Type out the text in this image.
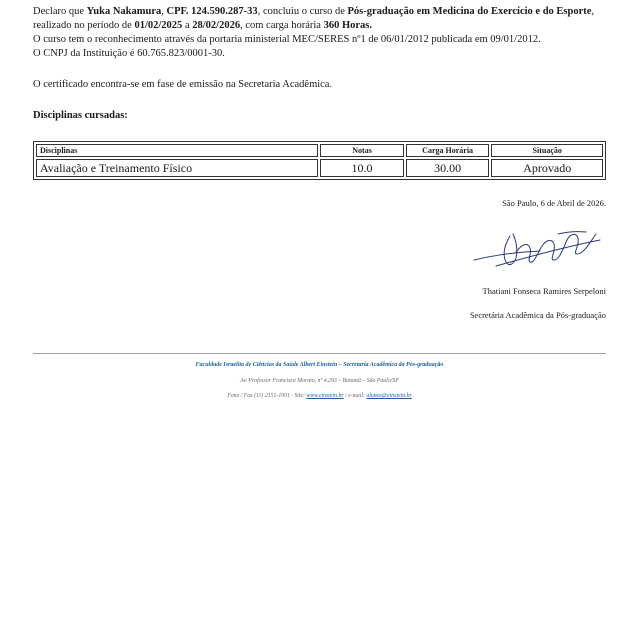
Declaro que Yuka Nakamura, CPF. 124.590.287-33, concluiu o curso de Pós-graduação em Medicina do Exercício e do Esporte,
realizado no período de 01/02/2025 a 28/02/2026, com carga horária 360 Horas.
O curso tem o reconhecimento através da portaria ministerial MEC/SERES nº1 de 06/01/2012 publicada em 09/01/2012.
O CNPJ da Instituição é 60.765.823/0001-30.
O certificado encontra-se em fase de emissão na Secretaria Acadêmica.
Disciplinas cursadas:
Disciplinas	Notas	Carga Horária	Situação
Avaliação e Treinamento Físico	10.0	30.00	Aprovado
São Paulo, 6 de Abril de 2026.
Thatiani Fonseca Ramires Serpeloni
Secretária Acadêmica da Pós-graduação
Faculdade Israelita de Ciências da Saúde Albert Einstein – Secretaria Acadêmica da Pós-graduação
Av. Professor Francisco Morato, nº 4.293 – Butantã – São Paulo/SP
Fone / Fax (11) 2151-1001 · Site: www.einstein.br / e-mail: alunos@einstein.br
